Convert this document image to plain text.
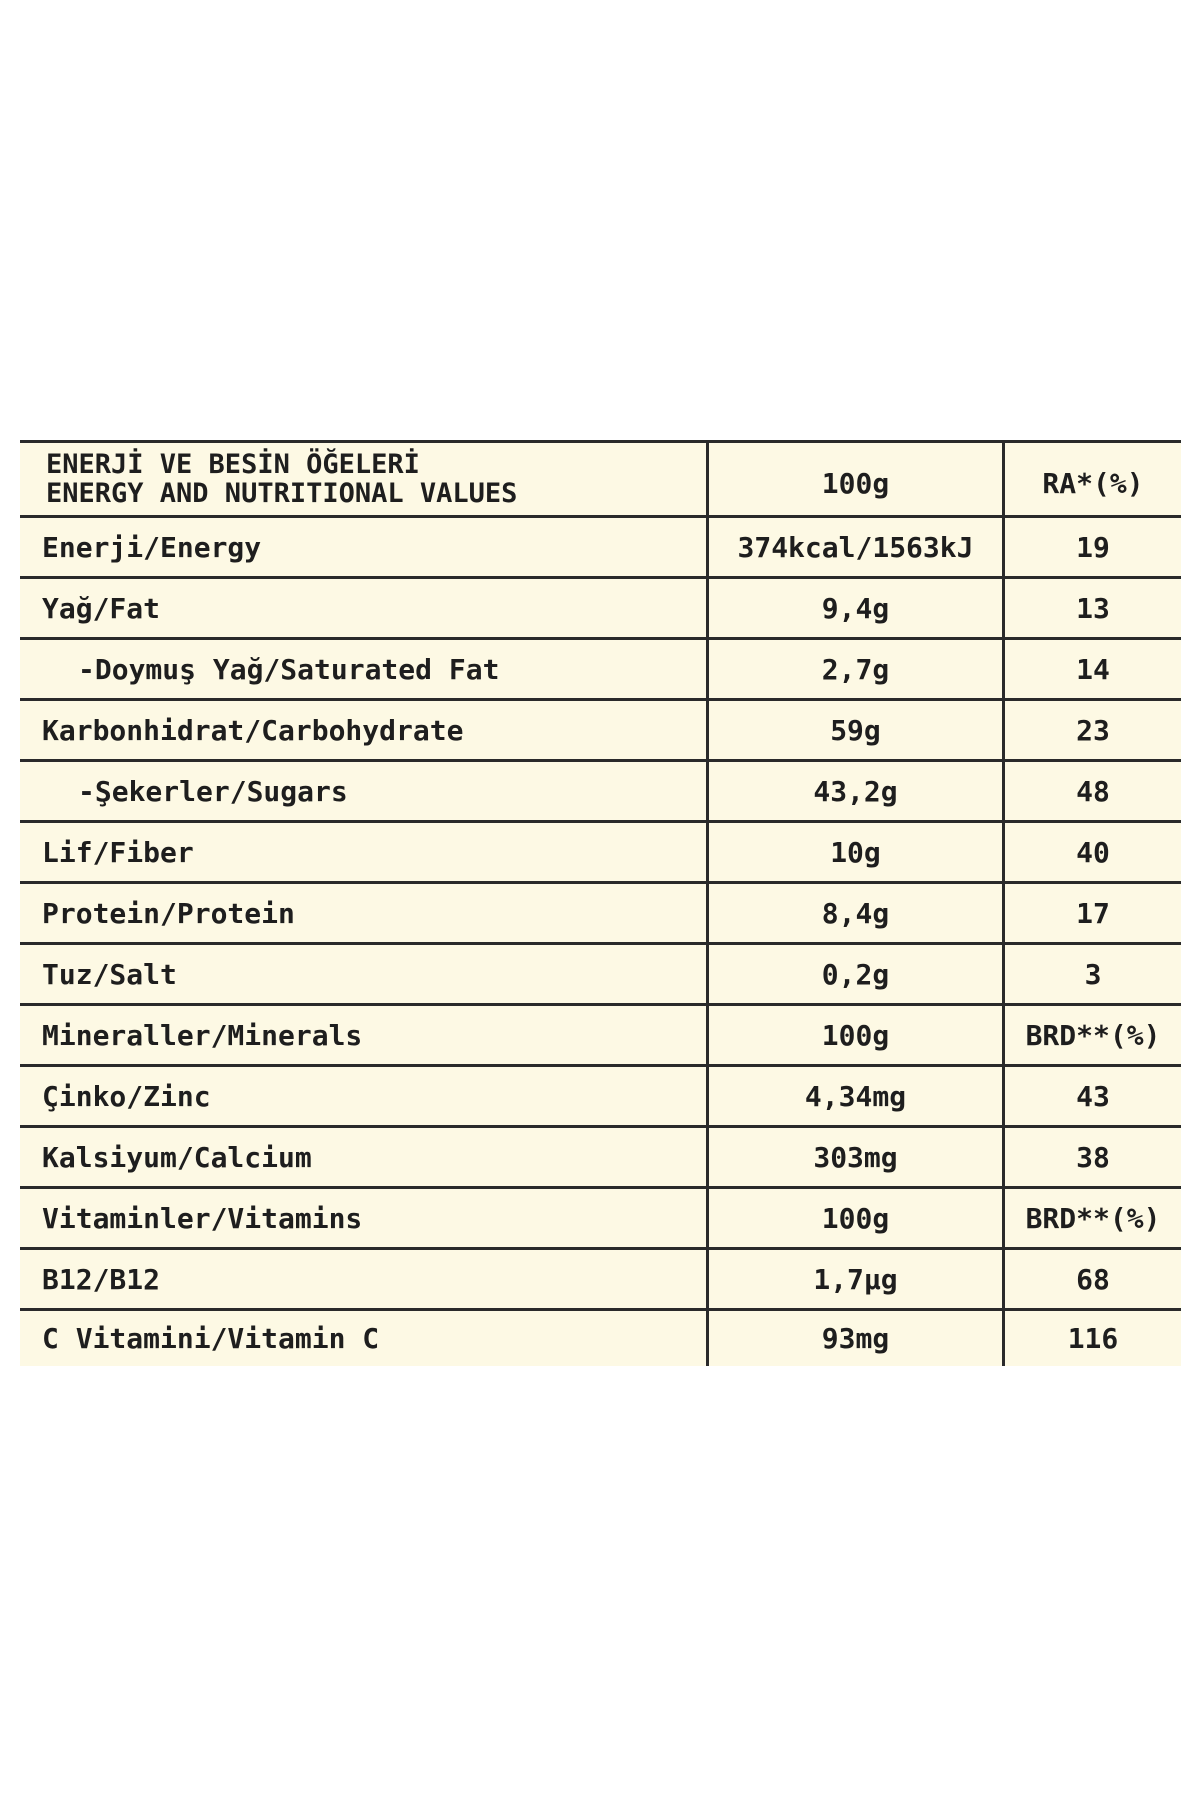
ENERJİ VE BESİN ÖĞELERİ
ENERGY AND NUTRITIONAL VALUES	100g	RA*(%)
Enerji/Energy	374kcal/1563kJ	19
Yağ/Fat	9,4g	13
-Doymuş Yağ/Saturated Fat	2,7g	14
Karbonhidrat/Carbohydrate	59g	23
-Şekerler/Sugars	43,2g	48
Lif/Fiber	10g	40
Protein/Protein	8,4g	17
Tuz/Salt	0,2g	3
Mineraller/Minerals	100g	BRD**(%)
Çinko/Zinc	4,34mg	43
Kalsiyum/Calcium	303mg	38
Vitaminler/Vitamins	100g	BRD**(%)
B12/B12	1,7µg	68
C Vitamini/Vitamin C	93mg	116
